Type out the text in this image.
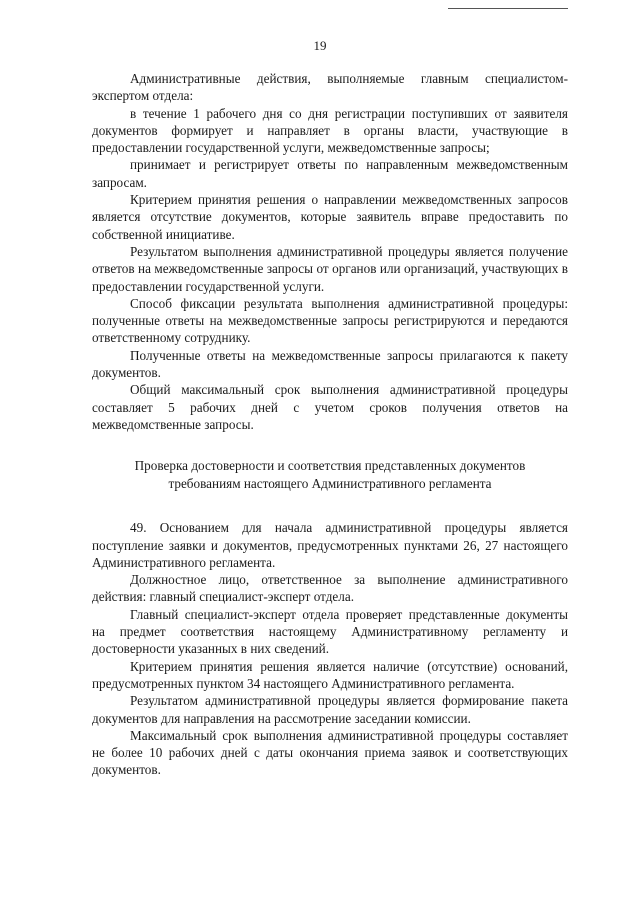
19

Административные действия, выполняемые главным специалистом-экспертом отдела:

в течение 1 рабочего дня со дня регистрации поступивших от заявителя документов формирует и направляет в органы власти, участвующие в предоставлении государственной услуги, межведомственные запросы;

принимает и регистрирует ответы по направленным межведомственным запросам.

Критерием принятия решения о направлении межведомственных запросов является отсутствие документов, которые заявитель вправе предоставить по собственной инициативе.

Результатом выполнения административной процедуры является получение ответов на межведомственные запросы от органов или организаций, участвующих в предоставлении государственной услуги.

Способ фиксации результата выполнения административной процедуры: полученные ответы на межведомственные запросы регистрируются и передаются ответственному сотруднику.

Полученные ответы на межведомственные запросы прилагаются к пакету документов.

Общий максимальный срок выполнения административной процедуры составляет 5 рабочих дней с учетом сроков получения ответов на межведомственные запросы.

Проверка достоверности и соответствия представленных документов
требованиям настоящего Административного регламента

49. Основанием для начала административной процедуры является поступление заявки и документов, предусмотренных пунктами 26, 27 настоящего Административного регламента.

Должностное лицо, ответственное за выполнение административного действия: главный специалист-эксперт отдела.

Главный специалист-эксперт отдела проверяет представленные документы на предмет соответствия настоящему Административному регламенту и достоверности указанных в них сведений.

Критерием принятия решения является наличие (отсутствие) оснований, предусмотренных пунктом 34 настоящего Административного регламента.

Результатом административной процедуры является формирование пакета документов для направления на рассмотрение заседании комиссии.

Максимальный срок выполнения административной процедуры составляет не более 10 рабочих дней с даты окончания приема заявок и соответствующих документов.
